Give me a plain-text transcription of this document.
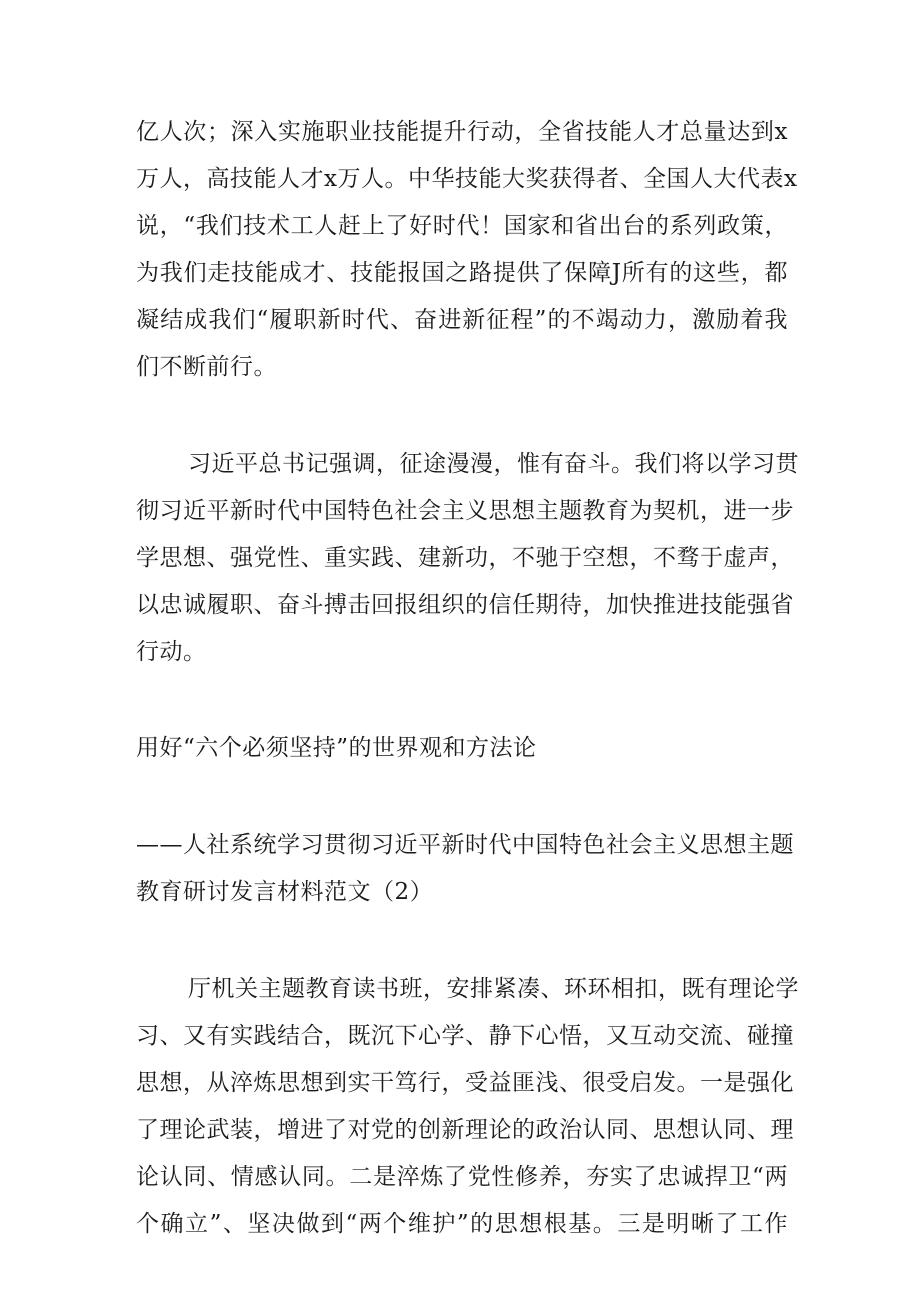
亿人次；深入实施职业技能提升行动，全省技能人才总量达到x
万人，高技能人才x万人。中华技能大奖获得者、全国人大代表x
说，“我们技术工人赶上了好时代！国家和省出台的系列政策，
为我们走技能成才、技能报国之路提供了保障J所有的这些，都
凝结成我们“履职新时代、奋进新征程”的不竭动力，激励着我
们不断前行。
习近平总书记强调，征途漫漫，惟有奋斗。我们将以学习贯
彻习近平新时代中国特色社会主义思想主题教育为契机，进一步
学思想、强党性、重实践、建新功，不驰于空想，不骛于虚声，
以忠诚履职、奋斗搏击回报组织的信任期待，加快推进技能强省
行动。
用好“六个必须坚持”的世界观和方法论
——人社系统学习贯彻习近平新时代中国特色社会主义思想主题
教育研讨发言材料范文（2）
厅机关主题教育读书班，安排紧凑、环环相扣，既有理论学
习、又有实践结合，既沉下心学、静下心悟，又互动交流、碰撞
思想，从淬炼思想到实干笃行，受益匪浅、很受启发。一是强化
了理论武装，增进了对党的创新理论的政治认同、思想认同、理
论认同、情感认同。二是淬炼了党性修养，夯实了忠诚捍卫“两
个确立”、坚决做到“两个维护”的思想根基。三是明晰了工作
